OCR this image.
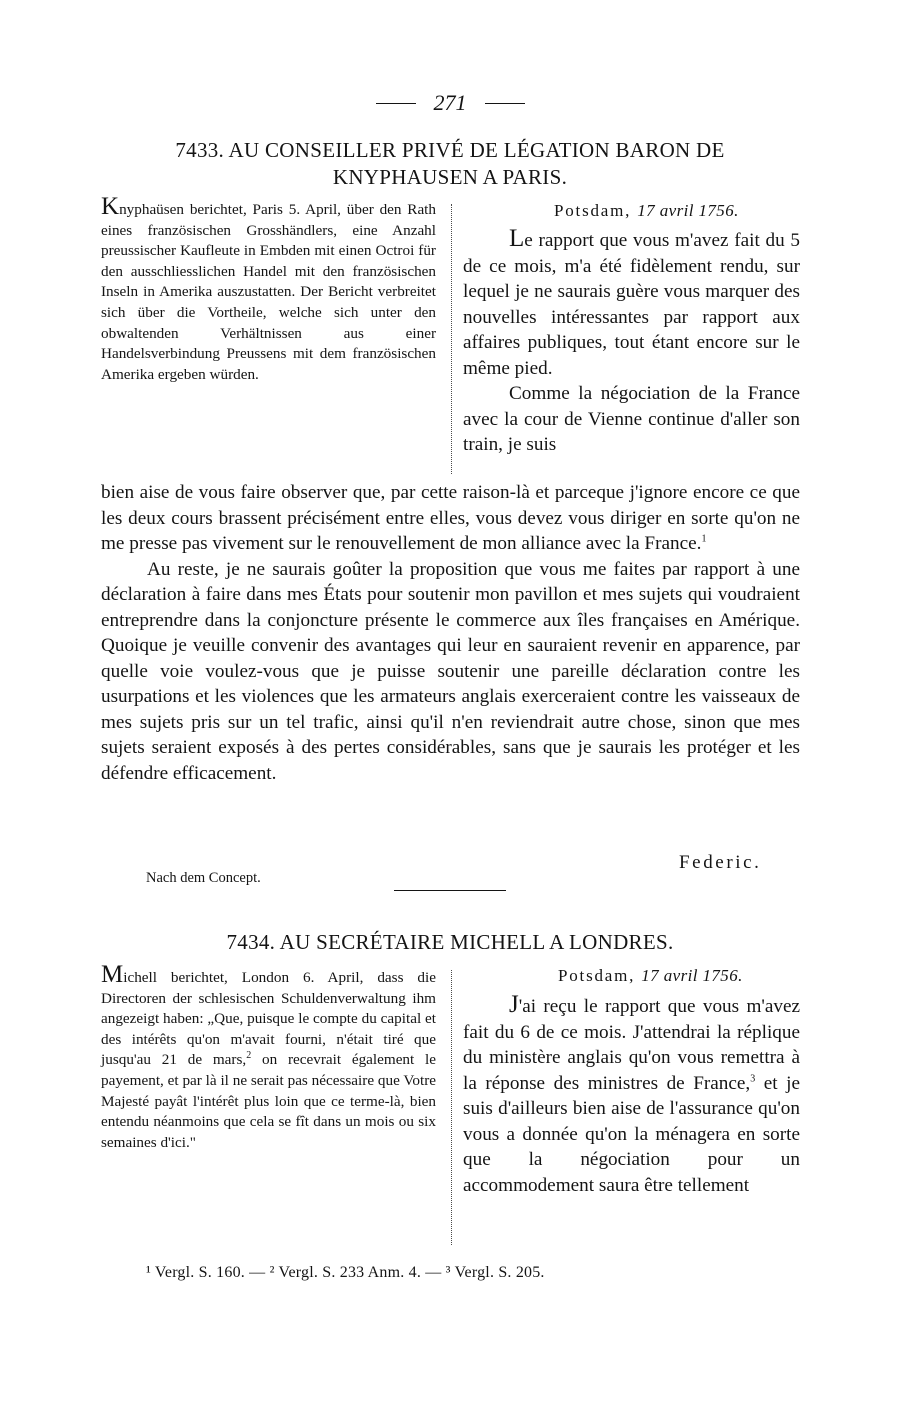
271
7433. AU CONSEILLER PRIVÉ DE LÉGATION BARON DE
KNYPHAUSEN A PARIS.
Knyphaüsen berichtet, Paris 5. April, über den Rath eines französischen Grosshändlers, eine Anzahl preussischer Kaufleute in Embden mit einen Octroi für den ausschliesslichen Handel mit den französischen Inseln in Amerika auszustatten. Der Bericht verbreitet sich über die Vortheile, welche sich unter den obwaltenden Verhältnissen aus einer Handelsverbindung Preussens mit dem französischen Amerika ergeben würden.
Potsdam, 17 avril 1756.

Le rapport que vous m'avez fait du 5 de ce mois, m'a été fidèlement rendu, sur lequel je ne saurais guère vous marquer des nouvelles intéressantes par rapport aux affaires publiques, tout étant encore sur le même pied.

Comme la négociation de la France avec la cour de Vienne continue d'aller son train, je suis

bien aise de vous faire observer que, par cette raison-là et parceque j'ignore encore ce que les deux cours brassent précisément entre elles, vous devez vous diriger en sorte qu'on ne me presse pas vivement sur le renouvellement de mon alliance avec la France.$^1$

Au reste, je ne saurais goûter la proposition que vous me faites par rapport à une déclaration à faire dans mes États pour soutenir mon pavillon et mes sujets qui voudraient entreprendre dans la conjoncture présente le commerce aux îles françaises en Amérique. Quoique je veuille convenir des avantages qui leur en sauraient revenir en apparence, par quelle voie voulez-vous que je puisse soutenir une pareille déclaration contre les usurpations et les violences que les armateurs anglais exerceraient contre les vaisseaux de mes sujets pris sur un tel trafic, ainsi qu'il n'en reviendrait autre chose, sinon que mes sujets seraient exposés à des pertes considérables, sans que je saurais les protéger et les défendre efficacement.

Federic.
Nach dem Concept.
7434. AU SECRÉTAIRE MICHELL A LONDRES.
Michell berichtet, London 6. April, dass die Directoren der schlesischen Schuldenverwaltung ihm angezeigt haben: „Que, puisque le compte du capital et des intérêts qu'on m'avait fourni, n'était tiré que jusqu'au 21 de mars,$^2$ on recevrait également le payement, et par là il ne serait pas nécessaire que Votre Majesté payât l'intérêt plus loin que ce terme-là, bien entendu néanmoins que cela se fît dans un mois ou six semaines d'ici."
Potsdam, 17 avril 1756.

J'ai reçu le rapport que vous m'avez fait du 6 de ce mois. J'attendrai la réplique du ministère anglais qu'on vous remettra à la réponse des ministres de France,$^3$ et je suis d'ailleurs bien aise de l'assurance qu'on vous a donnée qu'on la ménagera en sorte que la négociation pour un accommodement saura être tellement

¹ Vergl. S. 160. — ² Vergl. S. 233 Anm. 4. — ³ Vergl. S. 205.
